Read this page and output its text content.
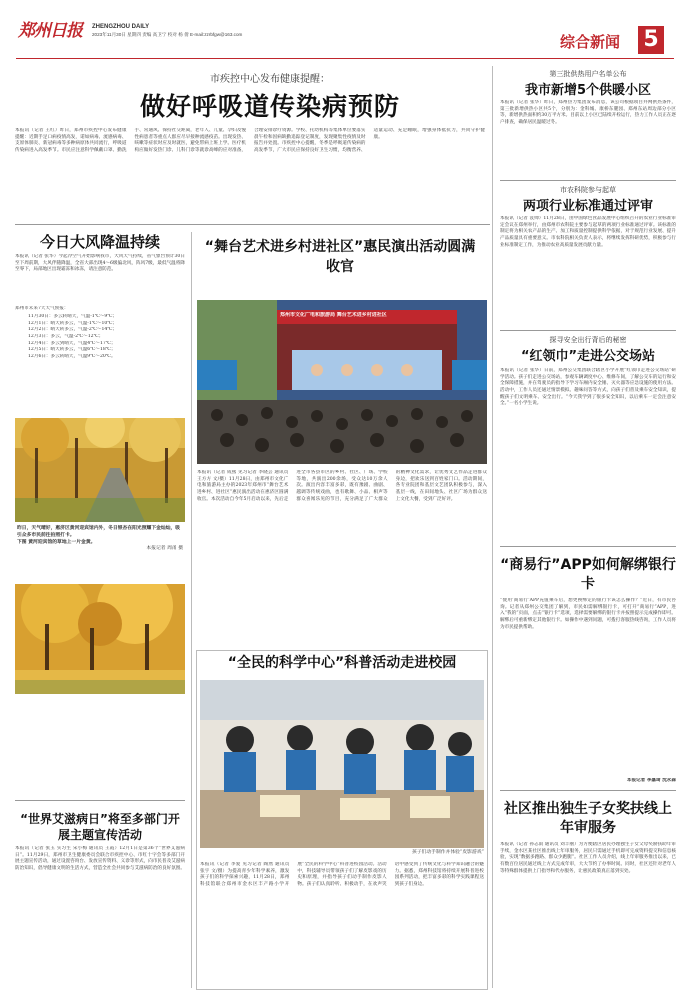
郑州日报	ZHENGZHOU DAILY
2023年11月30日 星期四 责编 高卫宁 校对 杨 倩 E-mail:zzrbfgw@163.com	综合新闻 5
市疾控中心发布健康提醒：
做好呼吸道传染病预防
本报讯（记者 王红）昨日，郑州市疾控中心发布健康提醒：近期手足口病疫情高发，诺如病毒、流感病毒、支原体肺炎、新冠病毒等多种病原体共同流行，呼吸道传染病进入高发季节。市民应注意科学佩戴口罩、勤洗手、常通风、保持社交距离，老年人、儿童、孕妇及慢性病患者等重点人群应尽早接种流感疫苗。出现发热、咳嗽等症状时应及时就医，避免带病上班上学。医疗机构应做好发热门诊、儿科门诊等就诊高峰的应对准备，合理安排诊疗资源。学校、托幼机构等集体单位要落实晨午检和因病缺勤追踪登记制度，发现聚集性疫情及时报告并处置。市疾控中心提醒，冬季是呼吸道传染病的高发季节，广大市民应保持良好卫生习惯，均衡营养、适量运动、充足睡眠，增强身体抵抗力，共同守护健康。
今日大风降温持续
本报讯（记者 张华）今起冷空气开始影响我市，大风天气持续，省气象台预计30日至下周前期，大风伴随降温，全省大部出现4～6级偏北风，阵风7级，最低气温将降至零下，局部地区出现霜冻和冰冻，请注意防范。
郑州市未来7天天气预报：
11月30日：多云转晴天，气温-1℃～9℃；
12月1日：晴天转多云，气温-1℃～10℃；
12月2日：晴天转多云，气温-2℃～14℃；
12月3日：多云，气温-2℃～12℃；
12月4日：多云到晴天，气温4℃～17℃；
12月5日：晴天转多云，气温6℃～18℃；
12月6日：多云转晴天，气温9℃～20℃。
昨日，天气晴好，惠济区黄河迎宾馆内外，冬日银杏在阳光照耀下金灿灿，吸引众多市民前往拍照打卡。
下图 黄河迎宾馆的草地上一片金黄。
本报记者 周甬 摄
“世界艾滋病日”将至多部门开展主题宣传活动
本报讯（记者 张玉 实习生 宋小梅 通讯员 王霞）12月1日是第36个“世界艾滋病日”。11月29日，郑州市卫生健康委员会联合市疾控中心、市红十字会等多部门开展主题宣传活动，通过设置咨询台、发放宣传资料、义诊等形式，向市民普及艾滋病防治知识，倡导健康文明的生活方式，营造全社会共同参与艾滋病防治的良好氛围。
“舞台艺术进乡村进社区”惠民演出活动圆满收官
郑州市文化广电和旅游局 舞台艺术进乡村进社区
本报讯（记者 成燕 见习记者 李晓芸 通讯员 王方方 文/摄）11月28日，由郑州市文化广电和旅游局主办的2023年郑州市“舞台艺术进乡村、进社区”惠民演出活动在惠济区圆满收官。本次活动自今年5月启动以来，先后走进全市各县市区的乡村、社区、广场、学校等地，共演出200余场，受众达10万余人次。演出内容丰富多彩，既有豫剧、曲剧、越调等传统戏曲，也有歌舞、小品、相声等群众喜闻乐见的节目，充分满足了广大群众的精神文化需求，让优秀文艺作品走进群众身边，把欢乐送到百姓家门口。活动期间，各专业院团和基层文艺团队积极参与，深入基层一线，在田间地头、社区广场为群众送上文化大餐，受到广泛好评。
“全民的科学中心”科普活动走进校园
孩子们动手制作并体验“皮影游戏”
本报讯（记者 李爱 见习记者 陶然 通讯员 张宇 文/摄）为提高青少年科学素养，激发孩子们的科学探索兴趣，11月28日，郑州科技馆联合郑州市金水区丰产路小学开展“全民的科学中心”科普进校园活动。活动中，科技辅导员带领孩子们了解皮影戏的历史和原理，并指导孩子们动手制作皮影人物。孩子们认真聆听、积极动手，在欢声笑语中感受到了传统文化与科学知识融合的魅力。据悉，郑州科技馆将持续开展科普进校园系列活动，把丰富多彩的科学实践课程送到孩子们身边。
第三批供热用户名单公布
我市新增5个供暖小区
本报讯（记者 张华）昨日，郑州热力集团发布消息，该公司根据项目并网供热条件，第三批新增供热小区共5个，分别为：金科城、康桥东麓园、郑州东站周边部分小区等，新增供热面积约30万平方米。目前以上小区已陆续开栓运行，热力工作人员正在逐户排查，确保居民温暖过冬。
市农科院参与起草
两项行业标准通过评审
本报讯（记者 袁帅）11月28日，由中国绿色食品发展中心组织召开的农业行业标准审定会议在郑州举行，由郑州市农科院主要参与起草的两项行业标准通过评审。该标准的制定将为相关农产品的生产、加工和质量控制提供科学依据，对于规范行业发展、提升产品质量具有重要意义。市农科院相关负责人表示，将继续发挥科研优势，积极参与行业标准制定工作，为推动农业高质量发展贡献力量。
探寻安全出行背后的秘密
“红领巾”走进公交场站
本报讯（记者 张华）日前，郑州公交集团联合辖区小学开展“红领巾走进公交场站”研学活动。孩子们走进公交场站，参观车辆调度中心、维修车间，了解公交车的运行和安全保障措施，并在驾驶员的指导下学习车厢内安全锤、灭火器等应急设施的使用方法。活动中，工作人员还通过情景模拟、趣味问答等方式，向孩子们普及乘车安全知识，提醒孩子们文明乘车、安全出行。“今天我学到了很多安全知识，以后乘车一定会注意安全。”一名小学生说。
“商易行”APP如何解绑银行卡
“使用‘商易行’APP充值乘车后，想更换绑定的银行卡该怎么操作？”近日，有市民咨询。记者从郑州公交集团了解到，市民如需解绑银行卡，可打开“商易行”APP，进入“我的”页面，点击“银行卡”选项，选择需要解绑的银行卡并按照提示完成操作即可。解绑后可重新绑定其他银行卡。如操作中遇到问题，可拨打客服热线咨询，工作人员将为市民提供帮助。
本报记者 李嘉琦 沈永森
社区推出独生子女奖扶线上年审服务
本报讯（记者 孙志雨 通讯员 刘丰丽）为方便辖区居民办理独生子女父母奖励扶助年审手续，金水区某社区推出线上年审服务，居民只需通过手机即可完成资料提交和信息核验，实现“数据多跑路、群众少跑腿”。社区工作人员介绍，线上年审服务推出以来，已有数百位居民通过线上方式完成年审，大大节约了办事时间。同时，社区还针对老年人等特殊群体提供上门指导和代办服务，让惠民政策真正落到实处。
